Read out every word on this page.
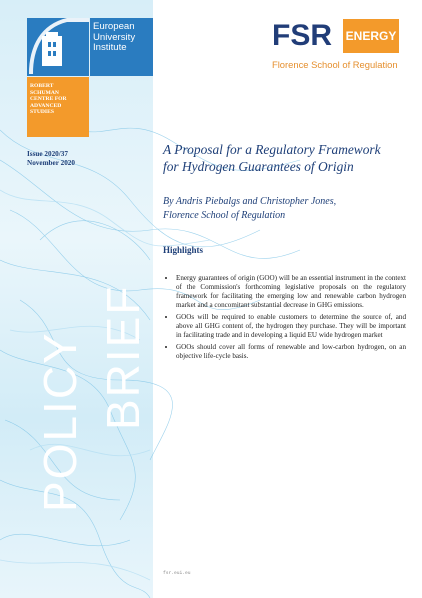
European
University
Institute
ROBERT
SCHUMAN
CENTRE FOR
ADVANCED
STUDIES
Issue 2020/37
November 2020
POLICY BRIEF
FSR ENERGY
Florence School of Regulation
A Proposal for a Regulatory Framework
for Hydrogen Guarantees of Origin
By Andris Piebalgs and Christopher Jones,
Florence School of Regulation
Highlights
• Energy guarantees of origin (GOO) will be an essential instrument in the context of the Commission's forthcoming legislative proposals on the regulatory framework for facilitating the emerging low and renewable carbon hydrogen market and a concomitant substantial decrease in GHG emissions.
• GOOs will be required to enable customers to determine the source of, and above all GHG content of, the hydrogen they purchase. They will be important in facilitating trade and in developing a liquid EU wide hydrogen market
• GOOs should cover all forms of renewable and low-carbon hydrogen, on an objective life-cycle basis.
fsr.eui.eu
